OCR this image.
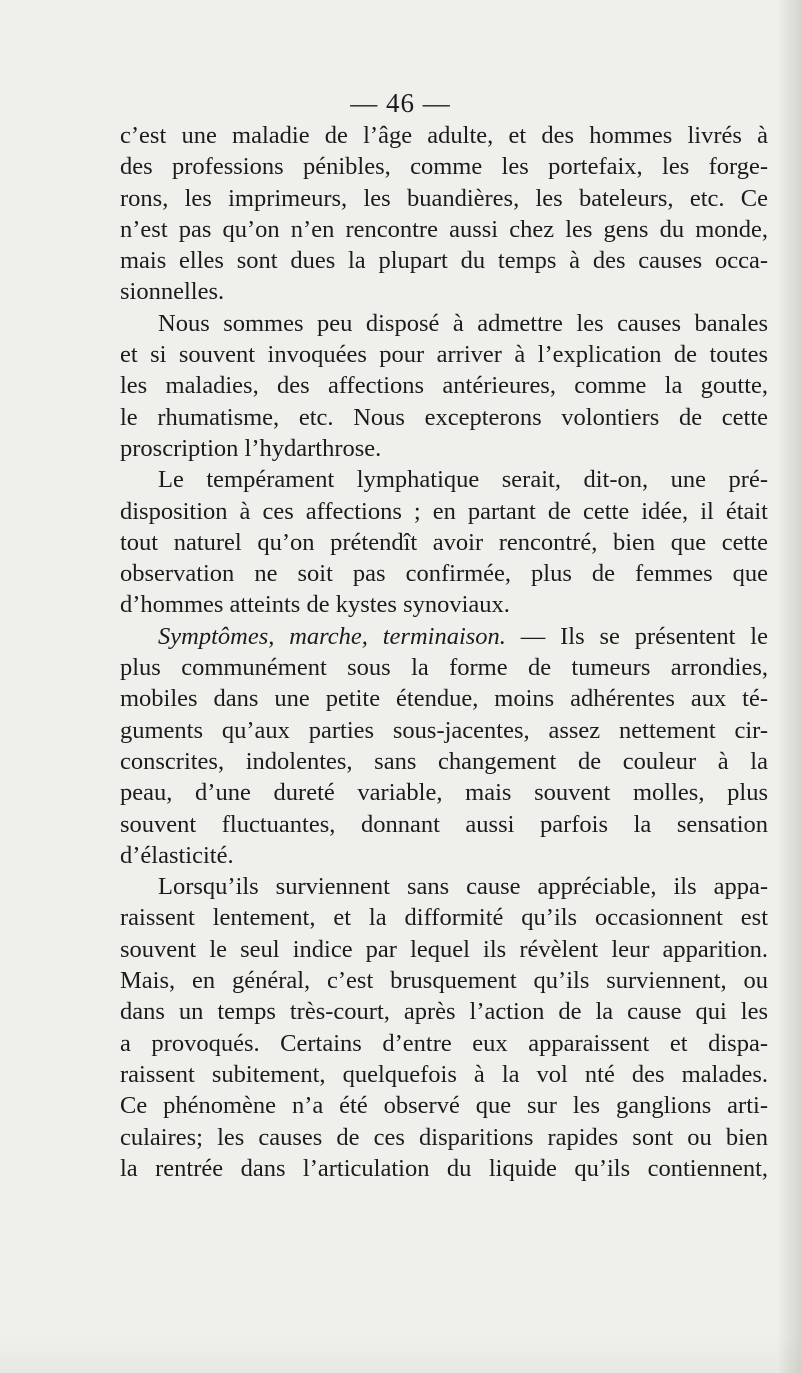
— 46 —
c’est une maladie de l’âge adulte, et des hommes livrés à
des professions pénibles, comme les portefaix, les forge-
rons, les imprimeurs, les buandières, les bateleurs, etc. Ce
n’est pas qu’on n’en rencontre aussi chez les gens du monde,
mais elles sont dues la plupart du temps à des causes occa-
sionnelles.
Nous sommes peu disposé à admettre les causes banales
et si souvent invoquées pour arriver à l’explication de toutes
les maladies, des affections antérieures, comme la goutte,
le rhumatisme, etc. Nous excepterons volontiers de cette
proscription l’hydarthrose.
Le tempérament lymphatique serait, dit-on, une pré-
disposition à ces affections ; en partant de cette idée, il était
tout naturel qu’on prétendît avoir rencontré, bien que cette
observation ne soit pas confirmée, plus de femmes que
d’hommes atteints de kystes synoviaux.
Symptômes, marche, terminaison. — Ils se présentent le
plus communément sous la forme de tumeurs arrondies,
mobiles dans une petite étendue, moins adhérentes aux té-
guments qu’aux parties sous-jacentes, assez nettement cir-
conscrites, indolentes, sans changement de couleur à la
peau, d’une dureté variable, mais souvent molles, plus
souvent fluctuantes, donnant aussi parfois la sensation
d’élasticité.
Lorsqu’ils surviennent sans cause appréciable, ils appa-
raissent lentement, et la difformité qu’ils occasionnent est
souvent le seul indice par lequel ils révèlent leur apparition.
Mais, en général, c’est brusquement qu’ils surviennent, ou
dans un temps très-court, après l’action de la cause qui les
a provoqués. Certains d’entre eux apparaissent et dispa-
raissent subitement, quelquefois à la vol nté des malades.
Ce phénomène n’a été observé que sur les ganglions arti-
culaires; les causes de ces disparitions rapides sont ou bien
la rentrée dans l’articulation du liquide qu’ils contiennent,
